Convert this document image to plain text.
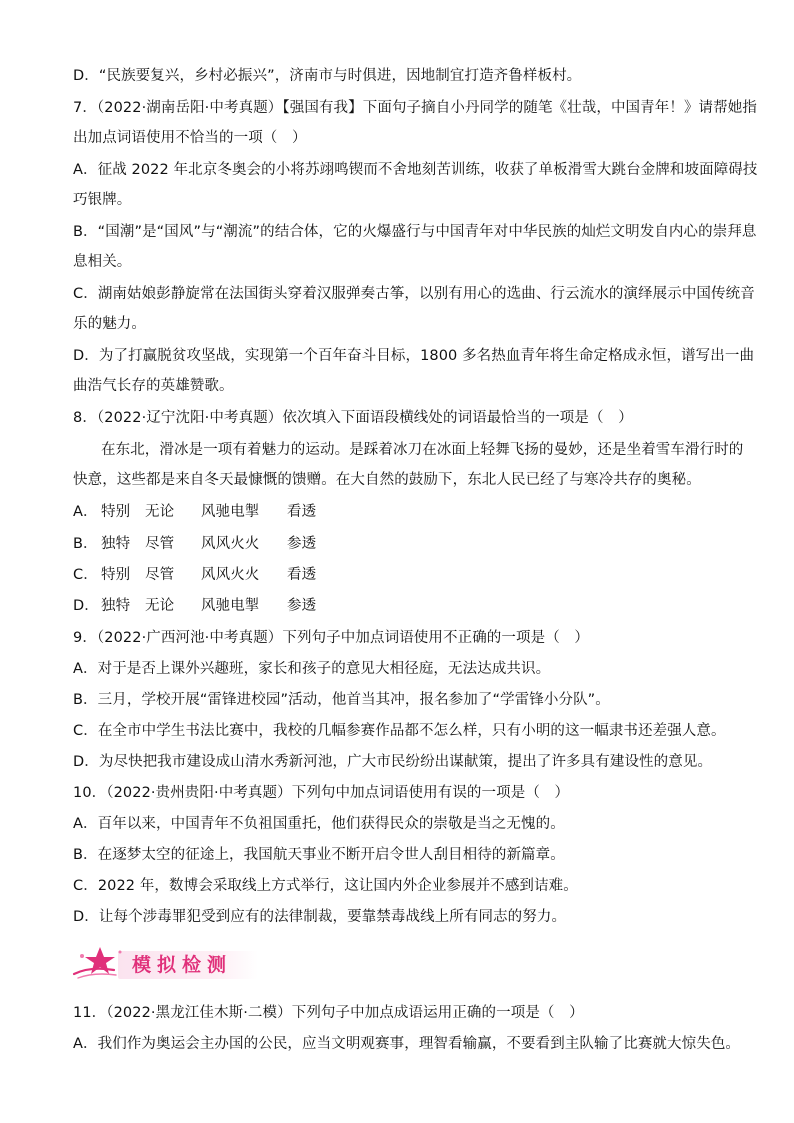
D．“民族要复兴，乡村必振兴”，济南市与时俱进，因地制宜打造齐鲁样板村。
7．（2022·湖南岳阳·中考真题）【强国有我】下面句子摘自小丹同学的随笔《壮哉，中国青年！》请帮她指
出加点词语使用不恰当的一项（　）
A．征战 2022 年北京冬奥会的小将苏翊鸣锲而不舍地刻苦训练，收获了单板滑雪大跳台金牌和坡面障碍技
巧银牌。
B．“国潮”是“国风”与“潮流”的结合体，它的火爆盛行与中国青年对中华民族的灿烂文明发自内心的崇拜息
息相关。
C．湖南姑娘彭静旋常在法国街头穿着汉服弹奏古筝，以别有用心的选曲、行云流水的演绎展示中国传统音
乐的魅力。
D．为了打赢脱贫攻坚战，实现第一个百年奋斗目标，1800 多名热血青年将生命定格成永恒，谱写出一曲
曲浩气长存的英雄赞歌。
8．（2022·辽宁沈阳·中考真题）依次填入下面语段横线处的词语最恰当的一项是（　）
在东北，滑冰是一项有着魅力的运动。是踩着冰刀在冰面上轻舞飞扬的曼妙，还是坐着雪车滑行时的
快意，这些都是来自冬天最慷慨的馈赠。在大自然的鼓励下，东北人民已经了与寒冷共存的奥秘。
A． 特别 无论 风驰电掣 看透
B． 独特 尽管 风风火火 参透
C． 特别 尽管 风风火火 看透
D． 独特 无论 风驰电掣 参透
9．（2022·广西河池·中考真题）下列句子中加点词语使用不正确的一项是（　）
A．对于是否上课外兴趣班，家长和孩子的意见大相径庭，无法达成共识。
B．三月，学校开展“雷锋进校园”活动，他首当其冲，报名参加了“学雷锋小分队”。
C．在全市中学生书法比赛中，我校的几幅参赛作品都不怎么样，只有小明的这一幅隶书还差强人意。
D．为尽快把我市建设成山清水秀新河池，广大市民纷纷出谋献策，提出了许多具有建设性的意见。
10．（2022·贵州贵阳·中考真题）下列句中加点词语使用有误的一项是（　）
A．百年以来，中国青年不负祖国重托，他们获得民众的崇敬是当之无愧的。
B．在逐梦太空的征途上，我国航天事业不断开启令世人刮目相待的新篇章。
C．2022 年，数博会采取线上方式举行，这让国内外企业参展并不感到诘难。
D．让每个涉毒罪犯受到应有的法律制裁，要靠禁毒战线上所有同志的努力。
模拟检测
11．（2022·黑龙江佳木斯·二模）下列句子中加点成语运用正确的一项是（　）
A．我们作为奥运会主办国的公民，应当文明观赛事，理智看输赢，不要看到主队输了比赛就大惊失色。
